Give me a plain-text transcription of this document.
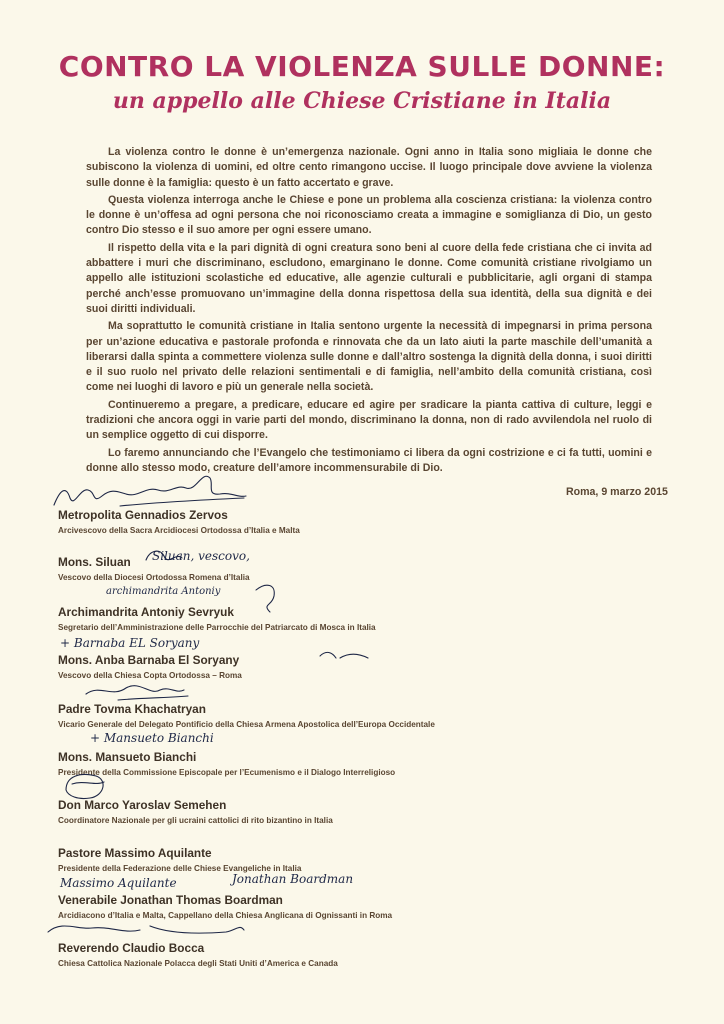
CONTRO LA VIOLENZA SULLE DONNE:
un appello alle Chiese Cristiane in Italia

La violenza contro le donne è un’emergenza nazionale. Ogni anno in Italia sono migliaia le donne che subiscono la violenza di uomini, ed oltre cento rimangono uccise. Il luogo principale dove avviene la violenza sulle donne è la famiglia: questo è un fatto accertato e grave.

Questa violenza interroga anche le Chiese e pone un problema alla coscienza cristiana: la violenza contro le donne è un’offesa ad ogni persona che noi riconosciamo creata a immagine e somiglianza di Dio, un gesto contro Dio stesso e il suo amore per ogni essere umano.

Il rispetto della vita e la pari dignità di ogni creatura sono beni al cuore della fede cristiana che ci invita ad abbattere i muri che discriminano, escludono, emarginano le donne. Come comunità cristiane rivolgiamo un appello alle istituzioni scolastiche ed educative, alle agenzie culturali e pubblicitarie, agli organi di stampa perché anch’esse promuovano un’immagine della donna rispettosa della sua identità, della sua dignità e dei suoi diritti individuali.

Ma soprattutto le comunità cristiane in Italia sentono urgente la necessità di impegnarsi in prima persona per un’azione educativa e pastorale profonda e rinnovata che da un lato aiuti la parte maschile dell’umanità a liberarsi dalla spinta a commettere violenza sulle donne e dall’altro sostenga la dignità della donna, i suoi diritti e il suo ruolo nel privato delle relazioni sentimentali e di famiglia, nell’ambito della comunità cristiana, così come nei luoghi di lavoro e più un generale nella società.

Continueremo a pregare, a predicare, educare ed agire per sradicare la pianta cattiva di culture, leggi e tradizioni che ancora oggi in varie parti del mondo, discriminano la donna, non di rado avvilendola nel ruolo di un semplice oggetto di cui disporre.

Lo faremo annunciando che l’Evangelo che testimoniamo ci libera da ogni costrizione e ci fa tutti, uomini e donne allo stesso modo, creature dell’amore incommensurabile di Dio.

Roma, 9 marzo 2015
Metropolita Gennadios Zervos
Arcivescovo della Sacra Arcidiocesi Ortodossa d’Italia e Malta
Mons. Siluan
Vescovo della Diocesi Ortodossa Romena d’Italia
Archimandrita Antoniy Sevryuk
Segretario dell’Amministrazione delle Parrocchie del Patriarcato di Mosca in Italia
Mons. Anba Barnaba El Soryany
Vescovo della Chiesa Copta Ortodossa – Roma
Padre Tovma Khachatryan
Vicario Generale del Delegato Pontificio della Chiesa Armena Apostolica dell’Europa Occidentale
Mons. Mansueto Bianchi
Presidente della Commissione Episcopale per l’Ecumenismo e il Dialogo Interreligioso
Don Marco Yaroslav Semehen
Coordinatore Nazionale per gli ucraini cattolici di rito bizantino in Italia
Pastore Massimo Aquilante
Presidente della Federazione delle Chiese Evangeliche in Italia
Venerabile Jonathan Thomas Boardman
Arcidiacono d’Italia e Malta, Cappellano della Chiesa Anglicana di Ognissanti in Roma
Reverendo Claudio Bocca
Chiesa Cattolica Nazionale Polacca degli Stati Uniti d’America e Canada
Siluan, vescovo,
archimandrita Antoniy
+ Barnaba EL Soryany
+ Mansueto Bianchi
Massimo Aquilante	Jonathan Boardman
